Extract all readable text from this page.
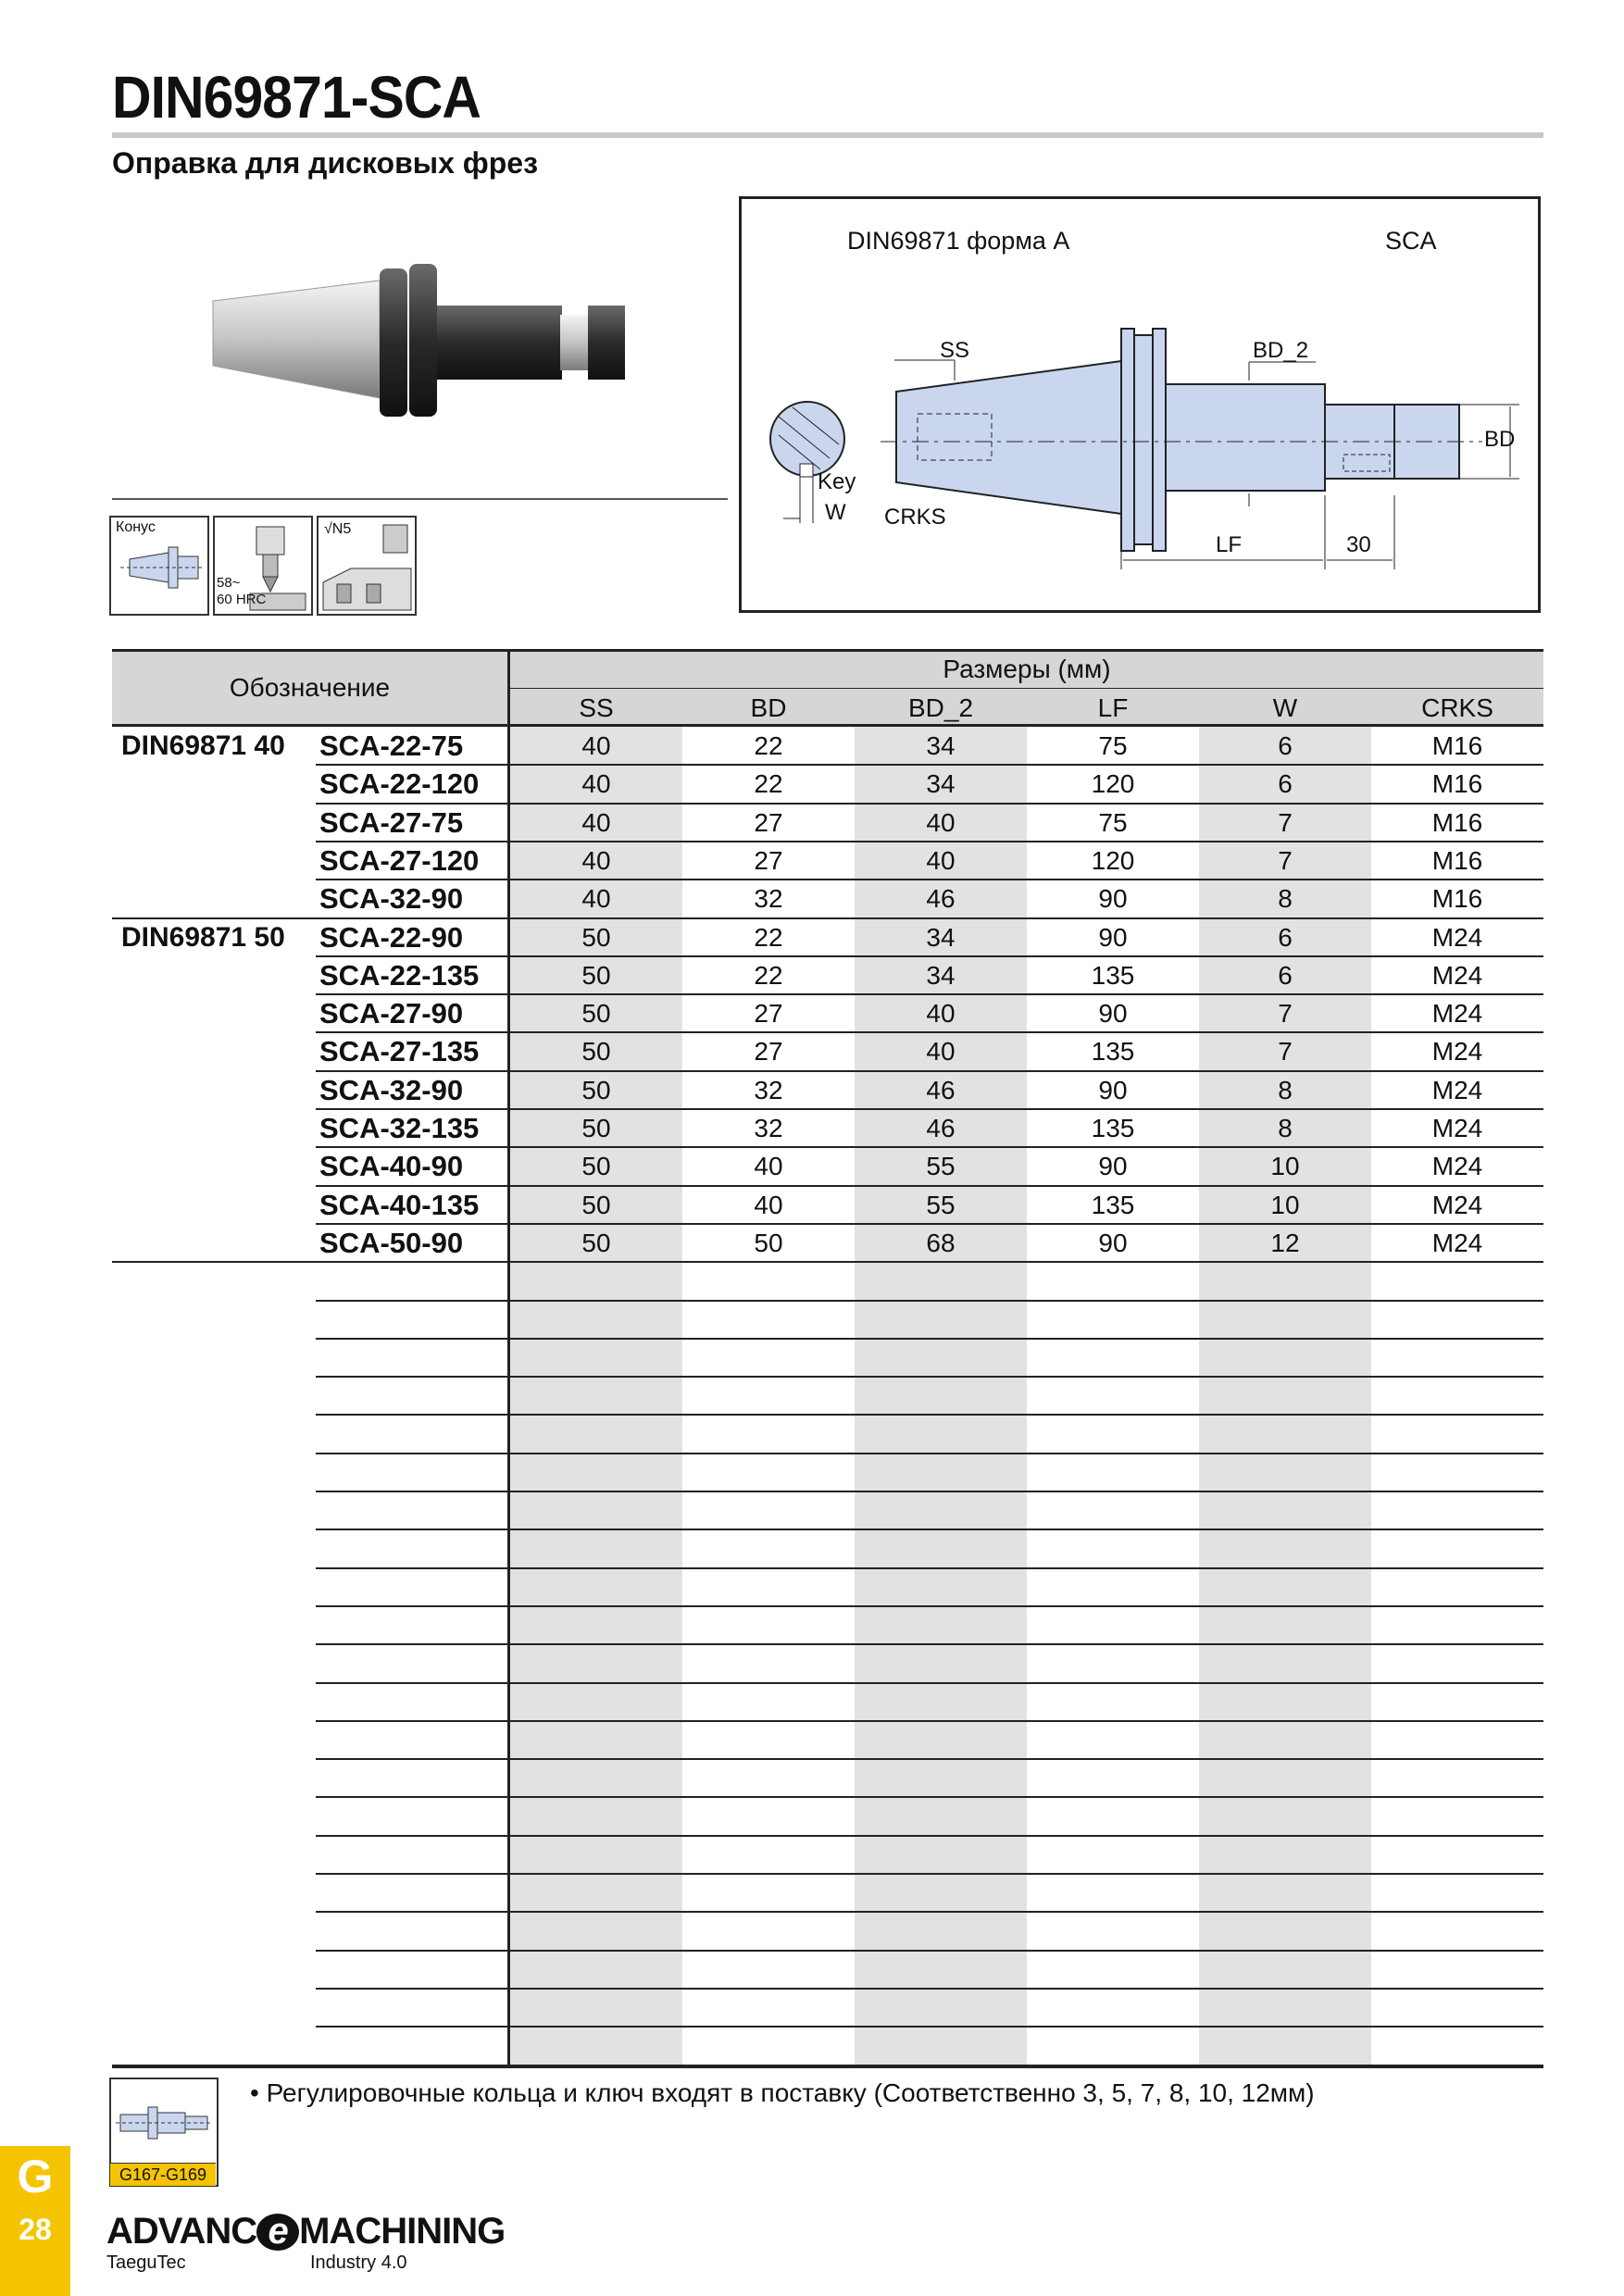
DIN69871-SCA
Оправка для дисковых фрез
Конус
58~
60 HRC
√N5
DIN69871 форма A	SCA
SS	BD_2
BD
Key
W CRKS
LF	30
Обозначение
Размеры (мм)
SS	BD	BD_2	LF	W	CRKS
DIN69871 40 SCA-22-75	40	22	34	75	6	M16
SCA-22-120	40	22	34	120	6	M16
SCA-27-75	40	27	40	75	7	M16
SCA-27-120	40	27	40	120	7	M16
SCA-32-90	40	32	46	90	8	M16
DIN69871 50 SCA-22-90	50	22	34	90	6	M24
SCA-22-135	50	22	34	135	6	M24
SCA-27-90	50	27	40	90	7	M24
SCA-27-135	50	27	40	135	7	M24
SCA-32-90	50	32	46	90	8	M24
SCA-32-135	50	32	46	135	8	M24
SCA-40-90	50	40	55	90	10	M24
SCA-40-135	50	40	55	135	10	M24
SCA-50-90	50	50	68	90	12	M24
G167-G169
• Регулировочные кольца и ключ входят в поставку (Соответственно 3, 5, 7, 8, 10, 12мм)
G
28	ADVANC e MACHINING
TaeguTec	Industry 4.0
